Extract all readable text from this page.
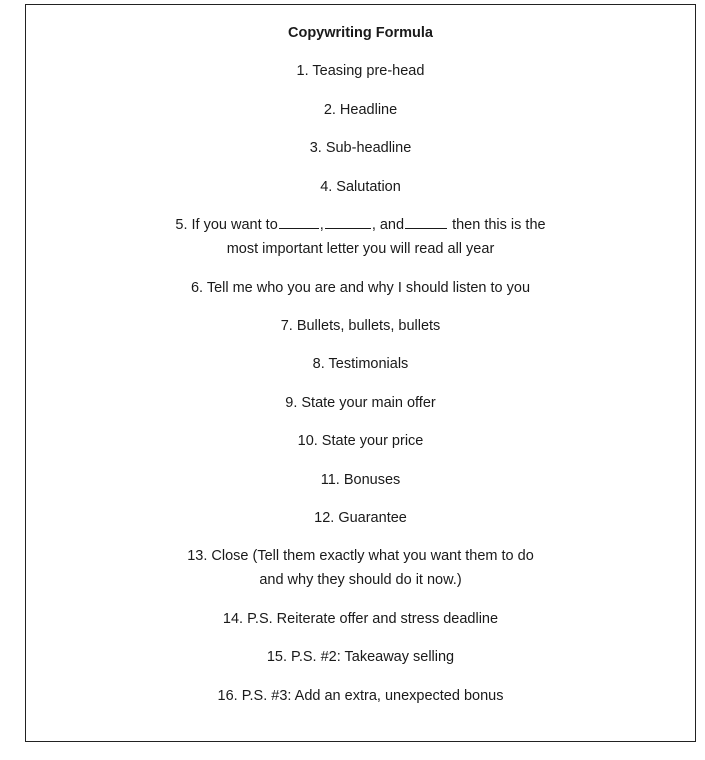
Copywriting Formula
1. Teasing pre-head
2. Headline
3. Sub-headline
4. Salutation
5. If you want to	,	, and	then this is the
most important letter you will read all year
6. Tell me who you are and why I should listen to you
7. Bullets, bullets, bullets
8. Testimonials
9. State your main offer
10. State your price
11. Bonuses
12. Guarantee
13. Close (Tell them exactly what you want them to do
and why they should do it now.)
14. P.S. Reiterate offer and stress deadline
15. P.S. #2: Takeaway selling
16. P.S. #3: Add an extra, unexpected bonus
